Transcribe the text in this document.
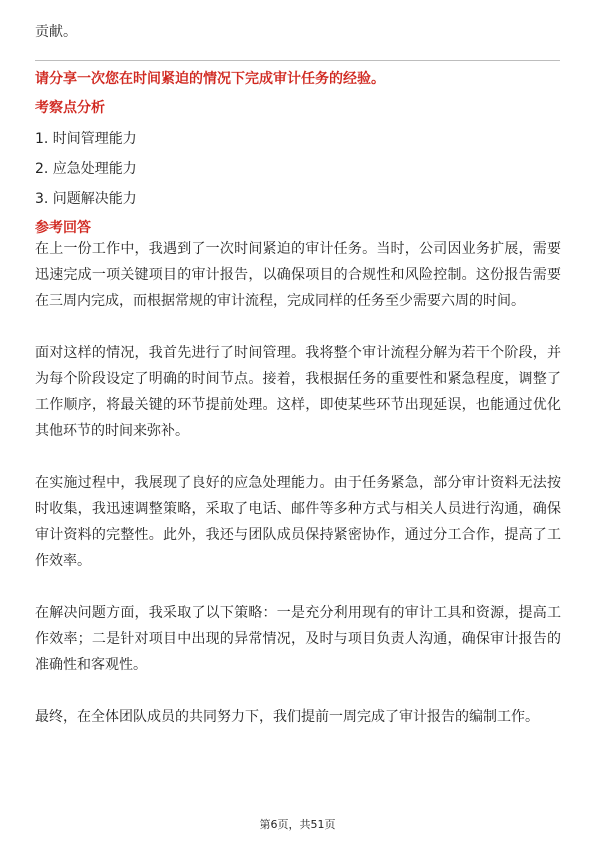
贡献。

请分享一次您在时间紧迫的情况下完成审计任务的经验。

考察点分析

1. 时间管理能力
2. 应急处理能力
3. 问题解决能力

参考回答

在上一份工作中，我遇到了一次时间紧迫的审计任务。当时，公司因业务扩展，需要迅速完成一项关键项目的审计报告，以确保项目的合规性和风险控制。这份报告需要在三周内完成，而根据常规的审计流程，完成同样的任务至少需要六周的时间。

面对这样的情况，我首先进行了时间管理。我将整个审计流程分解为若干个阶段，并为每个阶段设定了明确的时间节点。接着，我根据任务的重要性和紧急程度，调整了工作顺序，将最关键的环节提前处理。这样，即使某些环节出现延误，也能通过优化其他环节的时间来弥补。

在实施过程中，我展现了良好的应急处理能力。由于任务紧急，部分审计资料无法按时收集，我迅速调整策略，采取了电话、邮件等多种方式与相关人员进行沟通，确保审计资料的完整性。此外，我还与团队成员保持紧密协作，通过分工合作，提高了工作效率。

在解决问题方面，我采取了以下策略：一是充分利用现有的审计工具和资源，提高工作效率；二是针对项目中出现的异常情况，及时与项目负责人沟通，确保审计报告的准确性和客观性。

最终，在全体团队成员的共同努力下，我们提前一周完成了审计报告的编制工作。

第6页，共51页
